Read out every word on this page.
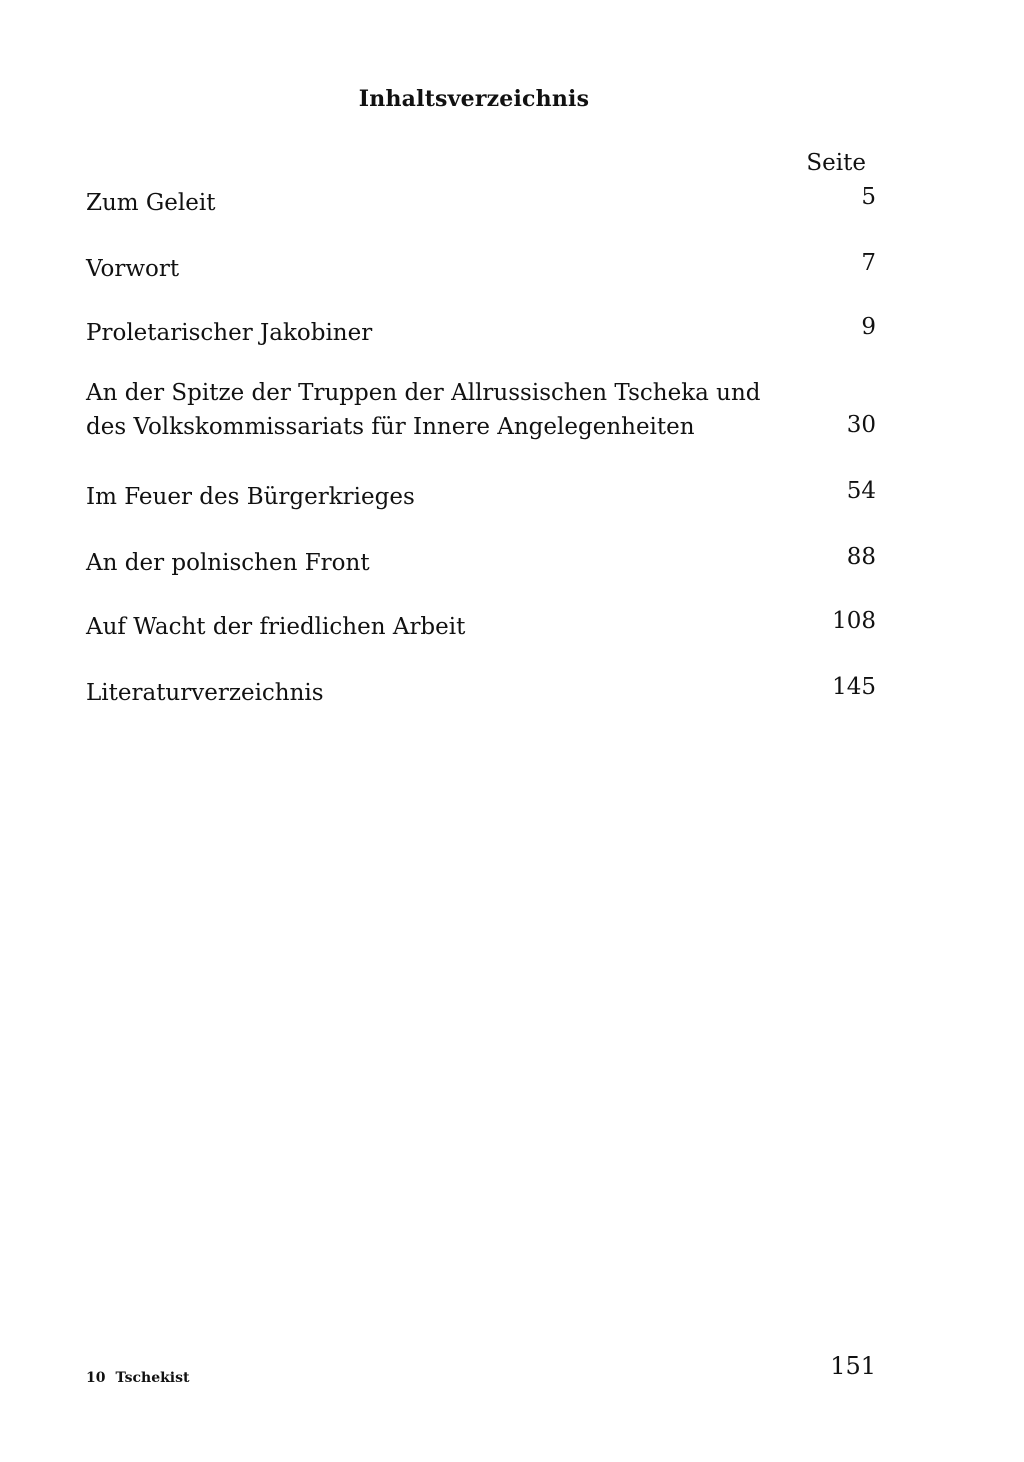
Inhaltsverzeichnis
Seite
Zum Geleit	5
Vorwort	7
Proletarischer Jakobiner	9
An der Spitze der Truppen der Allrussischen Tscheka und des Volkskommissariats für Innere Angelegenheiten	30
Im Feuer des Bürgerkrieges	54
An der polnischen Front	88
Auf Wacht der friedlichen Arbeit	108
Literaturverzeichnis	145
10 Tschekist	151
